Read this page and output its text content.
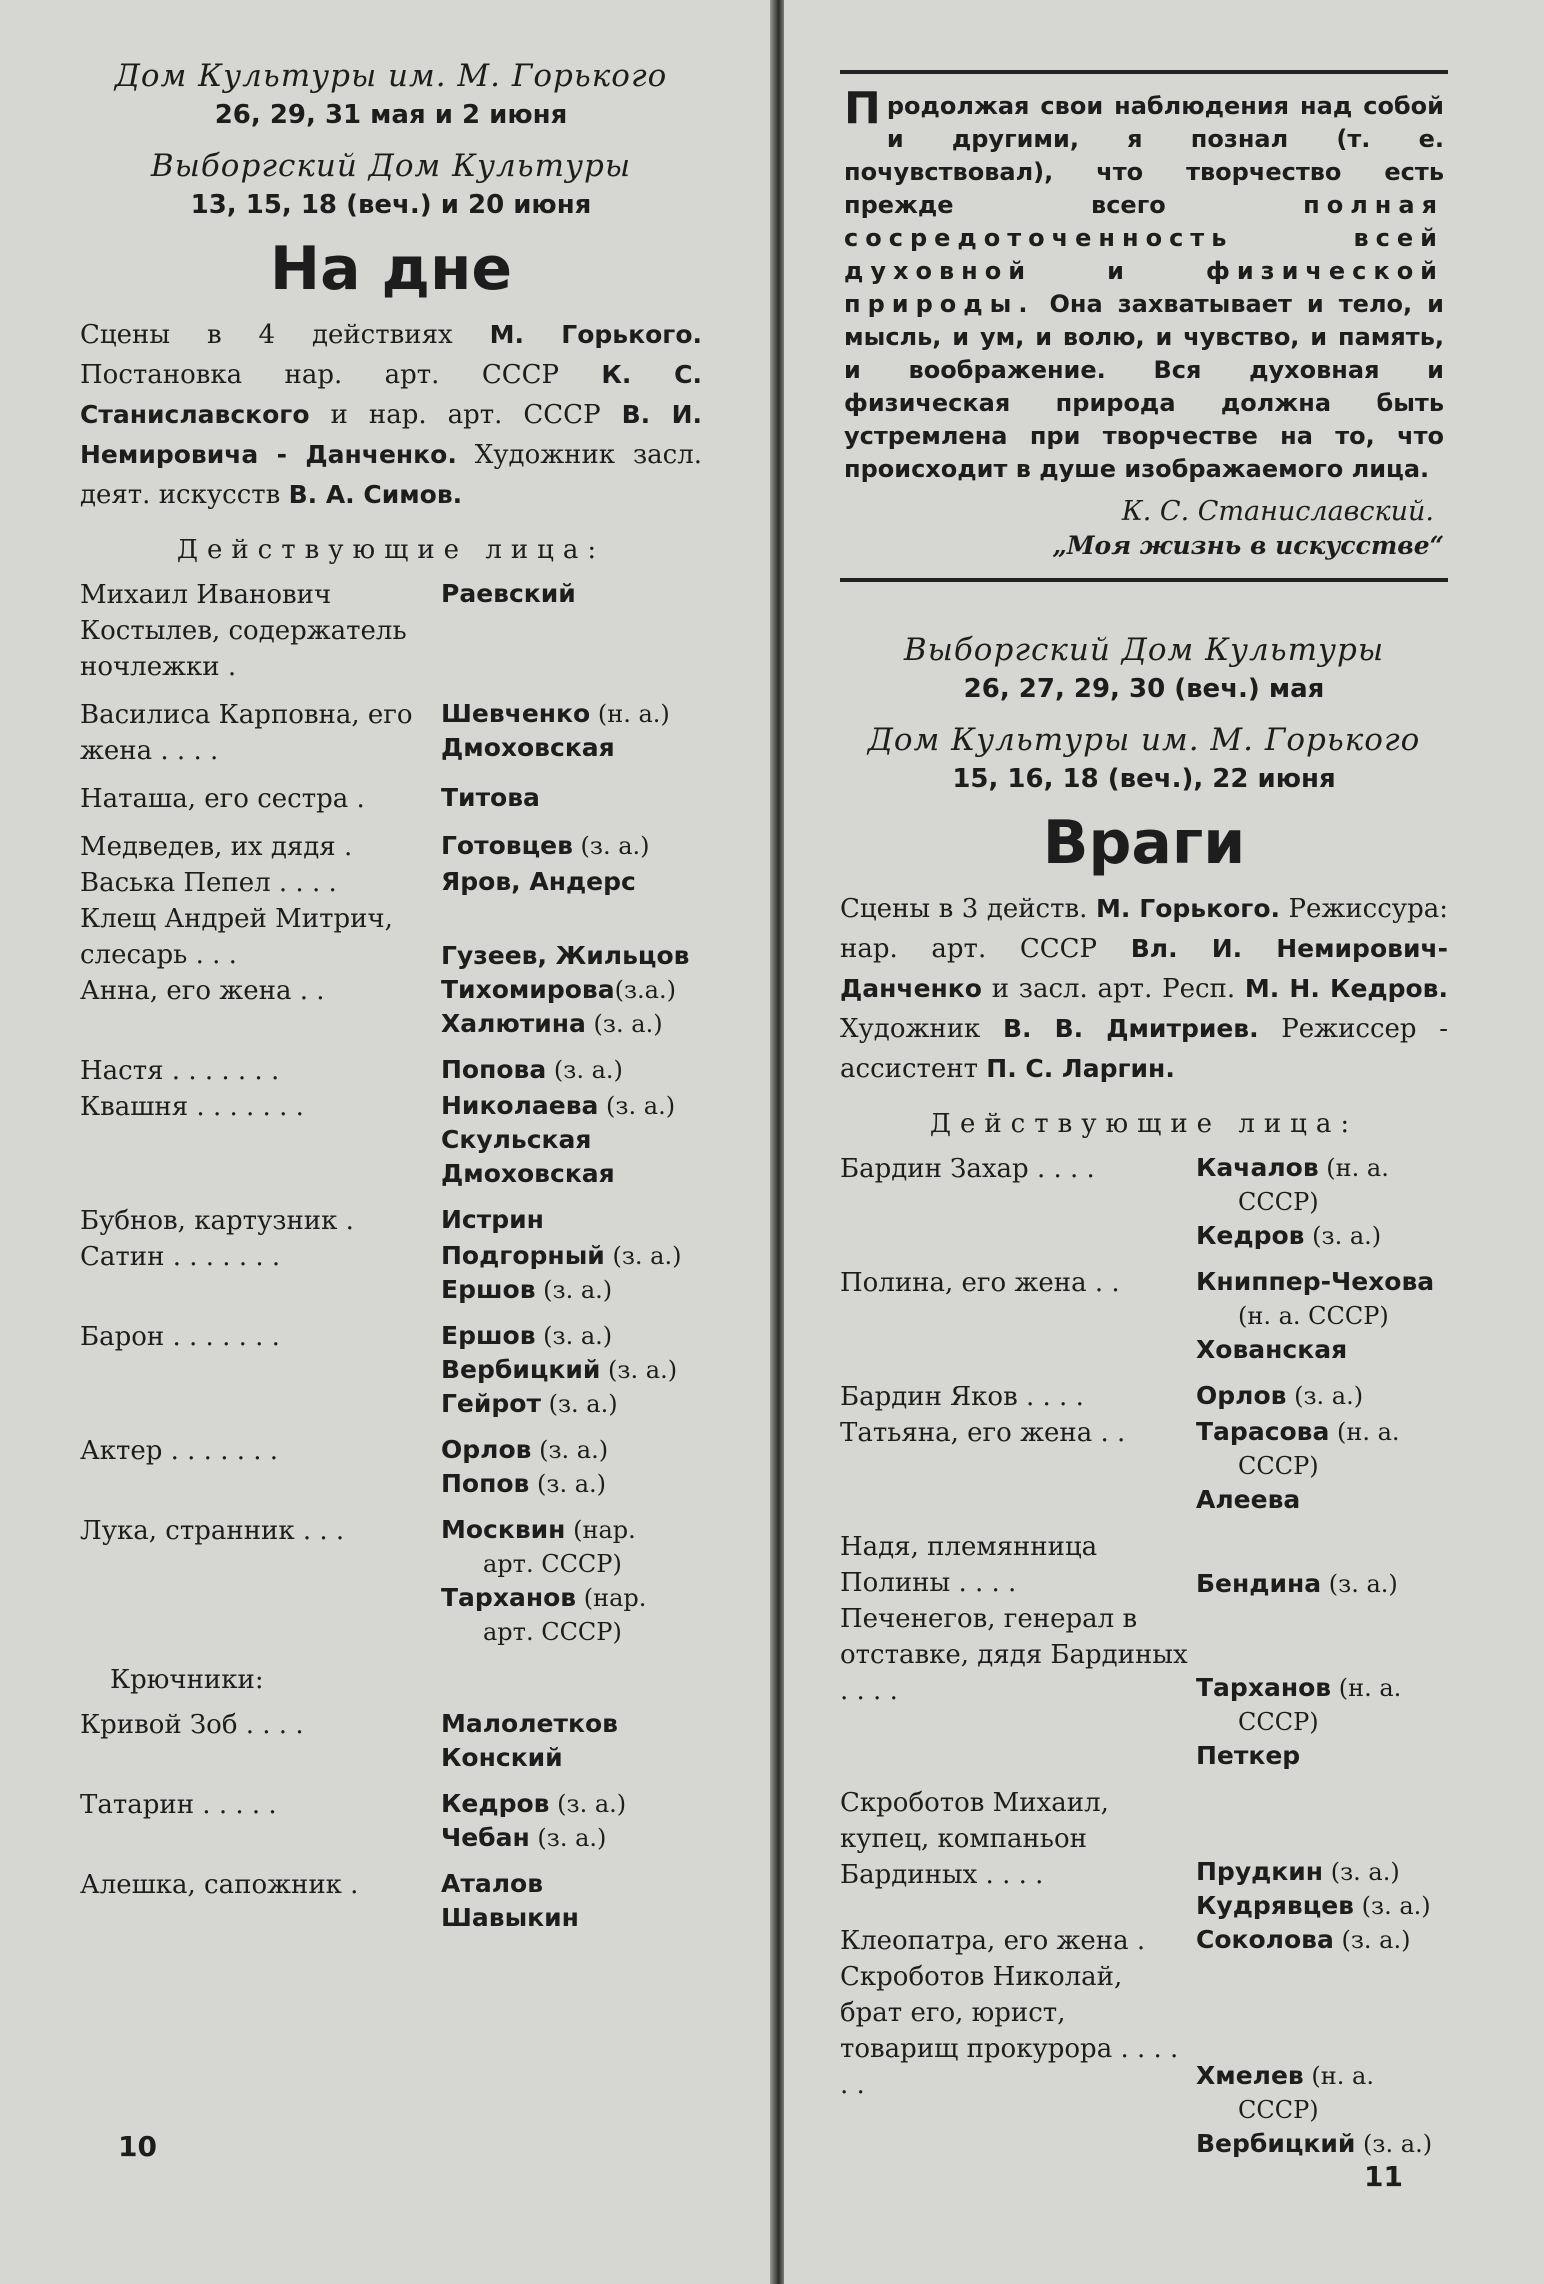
Дом Культуры им. М. Горького
26, 29, 31 мая и 2 июня
Выборгский Дом Культуры
13, 15, 18 (веч.) и 20 июня
На дне

Сцены в 4 действиях М. Горького. Постановка нар. арт. СССР К. С. Станиславского и нар. арт. СССР В. И. Немировича - Данченко. Художник засл. деят. искусств В. А. Симов.

Действующие лица:
Михаил Иванович Костылев, содержатель ночлежки .	Раевский
Василиса Карповна, его жена . . . .	Шевченко (н. а.)
Дмоховская
Наташа, его сестра .	Титова
Медведев, их дядя .	Готовцев (з. а.)
Васька Пепел . . . .	Яров, Андерс
Клещ Андрей Митрич, слесарь . . .	Гузеев, Жильцов
Анна, его жена . .	Тихомирова(з.а.)
Халютина (з. а.)
Настя . . . . . . .	Попова (з. а.)
Квашня . . . . . . .	Николаева (з. а.)
Скульская
Дмоховская
Бубнов, картузник .	Истрин
Сатин . . . . . . .	Подгорный (з. а.)
Ершов (з. а.)
Барон . . . . . . .	Ершов (з. а.)
Вербицкий (з. а.)
Гейрот (з. а.)
Актер . . . . . . .	Орлов (з. а.)
Попов (з. а.)
Лука, странник . . .	Москвин (нар.
арт. СССР)
Тарханов (нар.
арт. СССР)
Крючники:
Кривой Зоб . . . .	Малолетков
Конский
Татарин . . . . .	Кедров (з. а.)
Чебан (з. а.)
Алешка, сапожник .	Аталов
Шавыкин
10

Продолжая свои наблюдения над собой и другими, я познал (т. е. почувствовал), что творчество есть прежде всего полная сосредоточенность всей духовной и физической природы. Она захватывает и тело, и мысль, и ум, и волю, и чувство, и память, и воображение. Вся духовная и физическая природа должна быть устремлена при творчестве на то, что происходит в душе изображаемого лица.

К. С. Станиславский.
„Моя жизнь в искусстве“
Выборгский Дом Культуры
26, 27, 29, 30 (веч.) мая
Дом Культуры им. М. Горького
15, 16, 18 (веч.), 22 июня
Враги

Сцены в 3 действ. М. Горького. Режиссура: нар. арт. СССР Вл. И. Немирович-Данченко и засл. арт. Респ. М. Н. Кедров. Художник В. В. Дмитриев. Режиссер - ассистент П. С. Ларгин.

Действующие лица:
Бардин Захар . . . .	Качалов (н. а.
СССР)
Кедров (з. а.)
Полина, его жена . .	Книппер-Чехова
(н. а. СССР)
Хованская
Бардин Яков . . . .	Орлов (з. а.)
Татьяна, его жена . .	Тарасова (н. а.
СССР)
Алеева
Надя, племянница Полины . . . .	Бендина (з. а.)
Печенегов, генерал в отставке, дядя Бардиных . . . .	Тарханов (н. а.
СССР)
Петкер
Скроботов Михаил, купец, компаньон Бардиных . . . .	Прудкин (з. а.)
Кудрявцев (з. а.)
Клеопатра, его жена .	Соколова (з. а.)
Скроботов Николай, брат его, юрист, товарищ прокурора . . . . . .	Хмелев (н. а.
СССР)
Вербицкий (з. а.)
11
